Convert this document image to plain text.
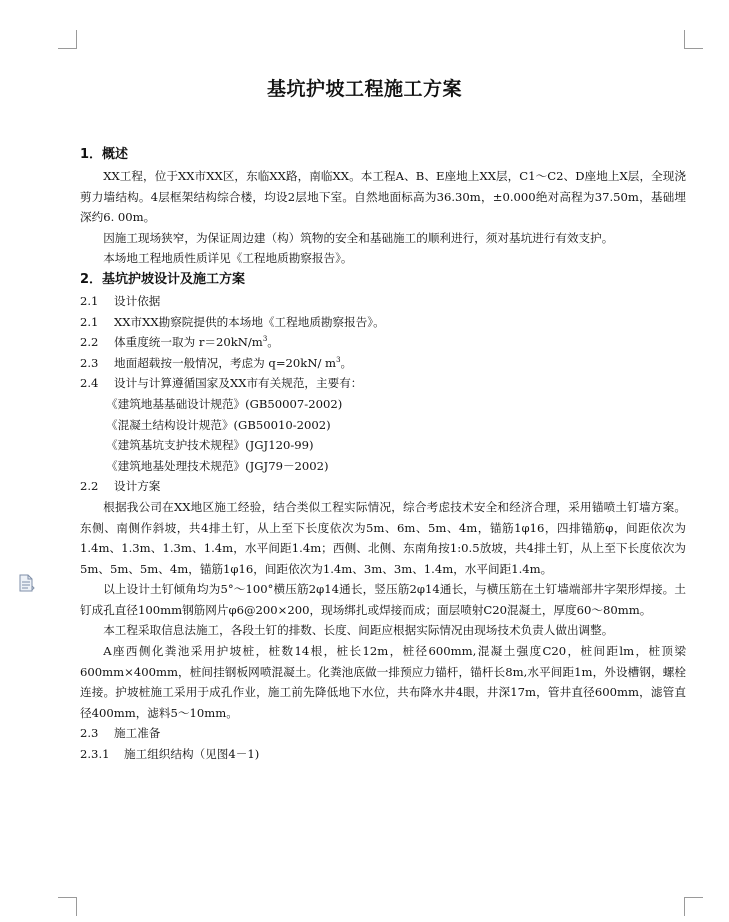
基坑护坡工程施工方案

1．概述

XX工程，位于XX市XX区，东临XX路，南临XX。本工程A、B、E座地上XX层，C1～C2、D座地上X层，全现浇剪力墙结构。4层框架结构综合楼，均设2层地下室。自然地面标高为36.30m，±0.000绝对高程为37.50m，基础埋深约6. 00m。

因施工现场狭窄，为保证周边建（构）筑物的安全和基础施工的顺利进行，须对基坑进行有效支护。

本场地工程地质性质详见《工程地质勘察报告》。

2．基坑护坡设计及施工方案

2.1 设计依据

2.1 XX市XX勘察院提供的本场地《工程地质勘察报告》。

2.2 体重度统一取为 $r=20kN/m^3$。

2.3 地面超载按一般情况，考虑为 q=20kN/ $m^3$。

2.4 设计与计算遵循国家及XX市有关规范，主要有：

《建筑地基基础设计规范》(GB50007-2002)

《混凝土结构设计规范》(GB50010-2002)

《建筑基坑支护技术规程》(JGJ120-99)

《建筑地基处理技术规范》(JGJ79－2002)

2.2 设计方案

根据我公司在XX地区施工经验，结合类似工程实际情况，综合考虑技术安全和经济合理，采用锚喷土钉墙方案。东侧、南侧作斜坡，共4排土钉，从上至下长度依次为5m、6m、5m、4m，锚筋1φ16，四排锚筋φ，间距依次为1.4m、1.3m、1.3m、1.4m，水平间距1.4m；西侧、北侧、东南角按1:0.5放坡，共4排土钉，从上至下长度依次为5m、5m、5m、4m，锚筋1φ16，间距依次为1.4m、3m、3m、1.4m，水平间距1.4m。

以上设计土钉倾角均为5°～100°横压筋2φ14通长，竖压筋2φ14通长，与横压筋在土钉墙端部井字架形焊接。土钉成孔直径100mm钢筋网片φ6@200×200，现场绑扎或焊接而成；面层喷射C20混凝土，厚度60～80mm。

本工程采取信息法施工，各段土钉的排数、长度、间距应根据实际情况由现场技术负责人做出调整。

A座西侧化粪池采用护坡桩，桩数14根，桩长12m，桩径600mm,混凝土强度C20，桩间距lm，桩顶梁600mm×400mm，桩间挂钢板网喷混凝土。化粪池底做一排预应力锚杆，锚杆长8m,水平间距1m，外设槽钢，螺栓连接。护坡桩施工采用于成孔作业，施工前先降低地下水位，共布降水井4眼，井深17m，管井直径600mm，滤管直径400mm，滤料5～10mm。

2.3 施工准备

2.3.1 施工组织结构（见图4－1)
